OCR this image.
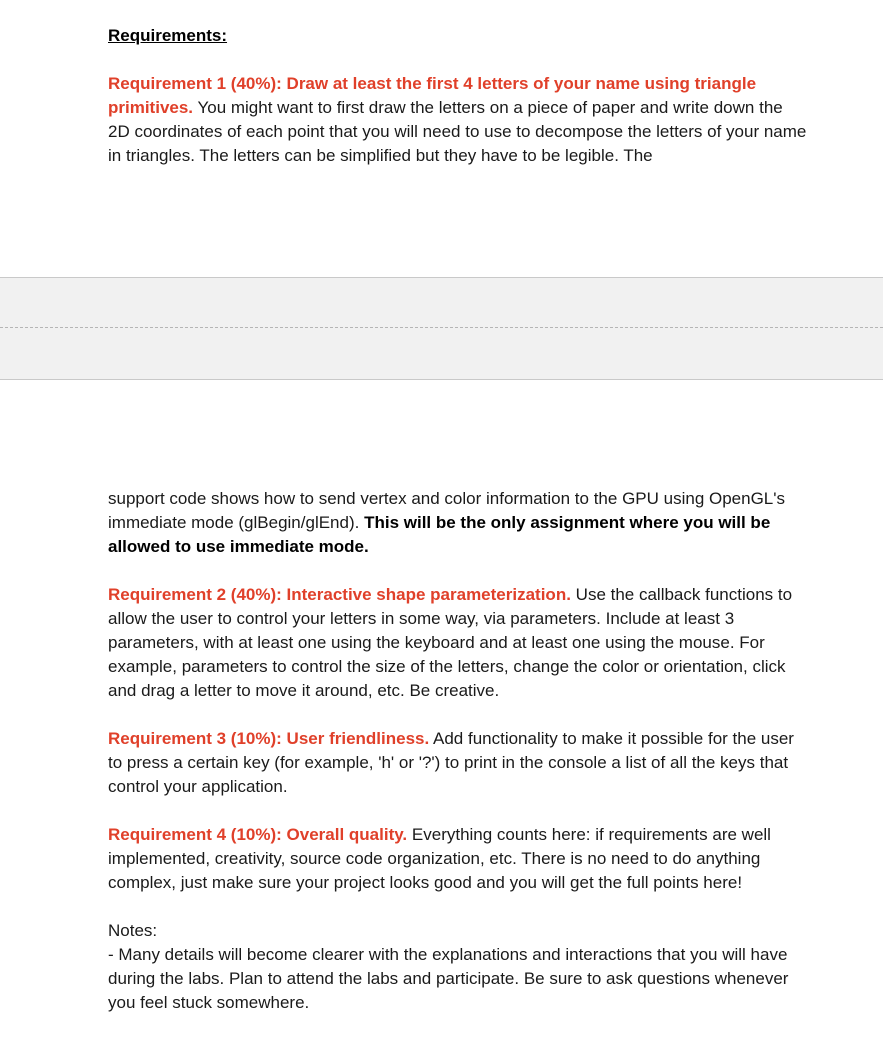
Requirements:

Requirement 1 (40%): Draw at least the first 4 letters of your name using triangle primitives. You might want to first draw the letters on a piece of paper and write down the 2D coordinates of each point that you will need to use to decompose the letters of your name in triangles. The letters can be simplified but they have to be legible. The

support code shows how to send vertex and color information to the GPU using OpenGL's immediate mode (glBegin/glEnd). This will be the only assignment where you will be allowed to use immediate mode.

Requirement 2 (40%): Interactive shape parameterization. Use the callback functions to allow the user to control your letters in some way, via parameters. Include at least 3 parameters, with at least one using the keyboard and at least one using the mouse. For example, parameters to control the size of the letters, change the color or orientation, click and drag a letter to move it around, etc. Be creative.

Requirement 3 (10%): User friendliness. Add functionality to make it possible for the user to press a certain key (for example, 'h' or '?') to print in the console a list of all the keys that control your application.

Requirement 4 (10%): Overall quality. Everything counts here: if requirements are well implemented, creativity, source code organization, etc. There is no need to do anything complex, just make sure your project looks good and you will get the full points here!

Notes:

- Many details will become clearer with the explanations and interactions that you will have during the labs. Plan to attend the labs and participate. Be sure to ask questions whenever you feel stuck somewhere.
